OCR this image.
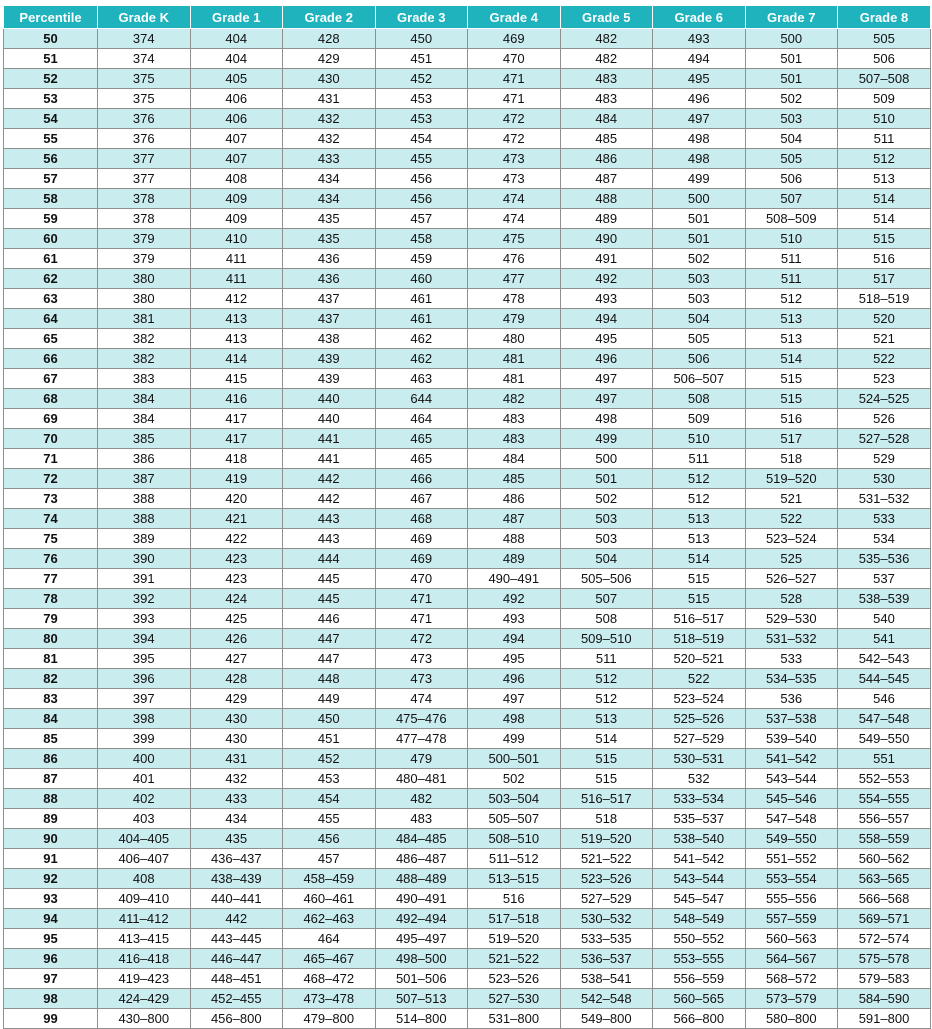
Percentile	Grade K	Grade 1	Grade 2	Grade 3	Grade 4	Grade 5	Grade 6	Grade 7	Grade 8
50	374	404	428	450	469	482	493	500	505
51	374	404	429	451	470	482	494	501	506
52	375	405	430	452	471	483	495	501	507–508
53	375	406	431	453	471	483	496	502	509
54	376	406	432	453	472	484	497	503	510
55	376	407	432	454	472	485	498	504	511
56	377	407	433	455	473	486	498	505	512
57	377	408	434	456	473	487	499	506	513
58	378	409	434	456	474	488	500	507	514
59	378	409	435	457	474	489	501	508–509	514
60	379	410	435	458	475	490	501	510	515
61	379	411	436	459	476	491	502	511	516
62	380	411	436	460	477	492	503	511	517
63	380	412	437	461	478	493	503	512	518–519
64	381	413	437	461	479	494	504	513	520
65	382	413	438	462	480	495	505	513	521
66	382	414	439	462	481	496	506	514	522
67	383	415	439	463	481	497	506–507	515	523
68	384	416	440	644	482	497	508	515	524–525
69	384	417	440	464	483	498	509	516	526
70	385	417	441	465	483	499	510	517	527–528
71	386	418	441	465	484	500	511	518	529
72	387	419	442	466	485	501	512	519–520	530
73	388	420	442	467	486	502	512	521	531–532
74	388	421	443	468	487	503	513	522	533
75	389	422	443	469	488	503	513	523–524	534
76	390	423	444	469	489	504	514	525	535–536
77	391	423	445	470	490–491	505–506	515	526–527	537
78	392	424	445	471	492	507	515	528	538–539
79	393	425	446	471	493	508	516–517	529–530	540
80	394	426	447	472	494	509–510	518–519	531–532	541
81	395	427	447	473	495	511	520–521	533	542–543
82	396	428	448	473	496	512	522	534–535	544–545
83	397	429	449	474	497	512	523–524	536	546
84	398	430	450	475–476	498	513	525–526	537–538	547–548
85	399	430	451	477–478	499	514	527–529	539–540	549–550
86	400	431	452	479	500–501	515	530–531	541–542	551
87	401	432	453	480–481	502	515	532	543–544	552–553
88	402	433	454	482	503–504	516–517	533–534	545–546	554–555
89	403	434	455	483	505–507	518	535–537	547–548	556–557
90	404–405	435	456	484–485	508–510	519–520	538–540	549–550	558–559
91	406–407	436–437	457	486–487	511–512	521–522	541–542	551–552	560–562
92	408	438–439	458–459	488–489	513–515	523–526	543–544	553–554	563–565
93	409–410	440–441	460–461	490–491	516	527–529	545–547	555–556	566–568
94	411–412	442	462–463	492–494	517–518	530–532	548–549	557–559	569–571
95	413–415	443–445	464	495–497	519–520	533–535	550–552	560–563	572–574
96	416–418	446–447	465–467	498–500	521–522	536–537	553–555	564–567	575–578
97	419–423	448–451	468–472	501–506	523–526	538–541	556–559	568–572	579–583
98	424–429	452–455	473–478	507–513	527–530	542–548	560–565	573–579	584–590
99	430–800	456–800	479–800	514–800	531–800	549–800	566–800	580–800	591–800
